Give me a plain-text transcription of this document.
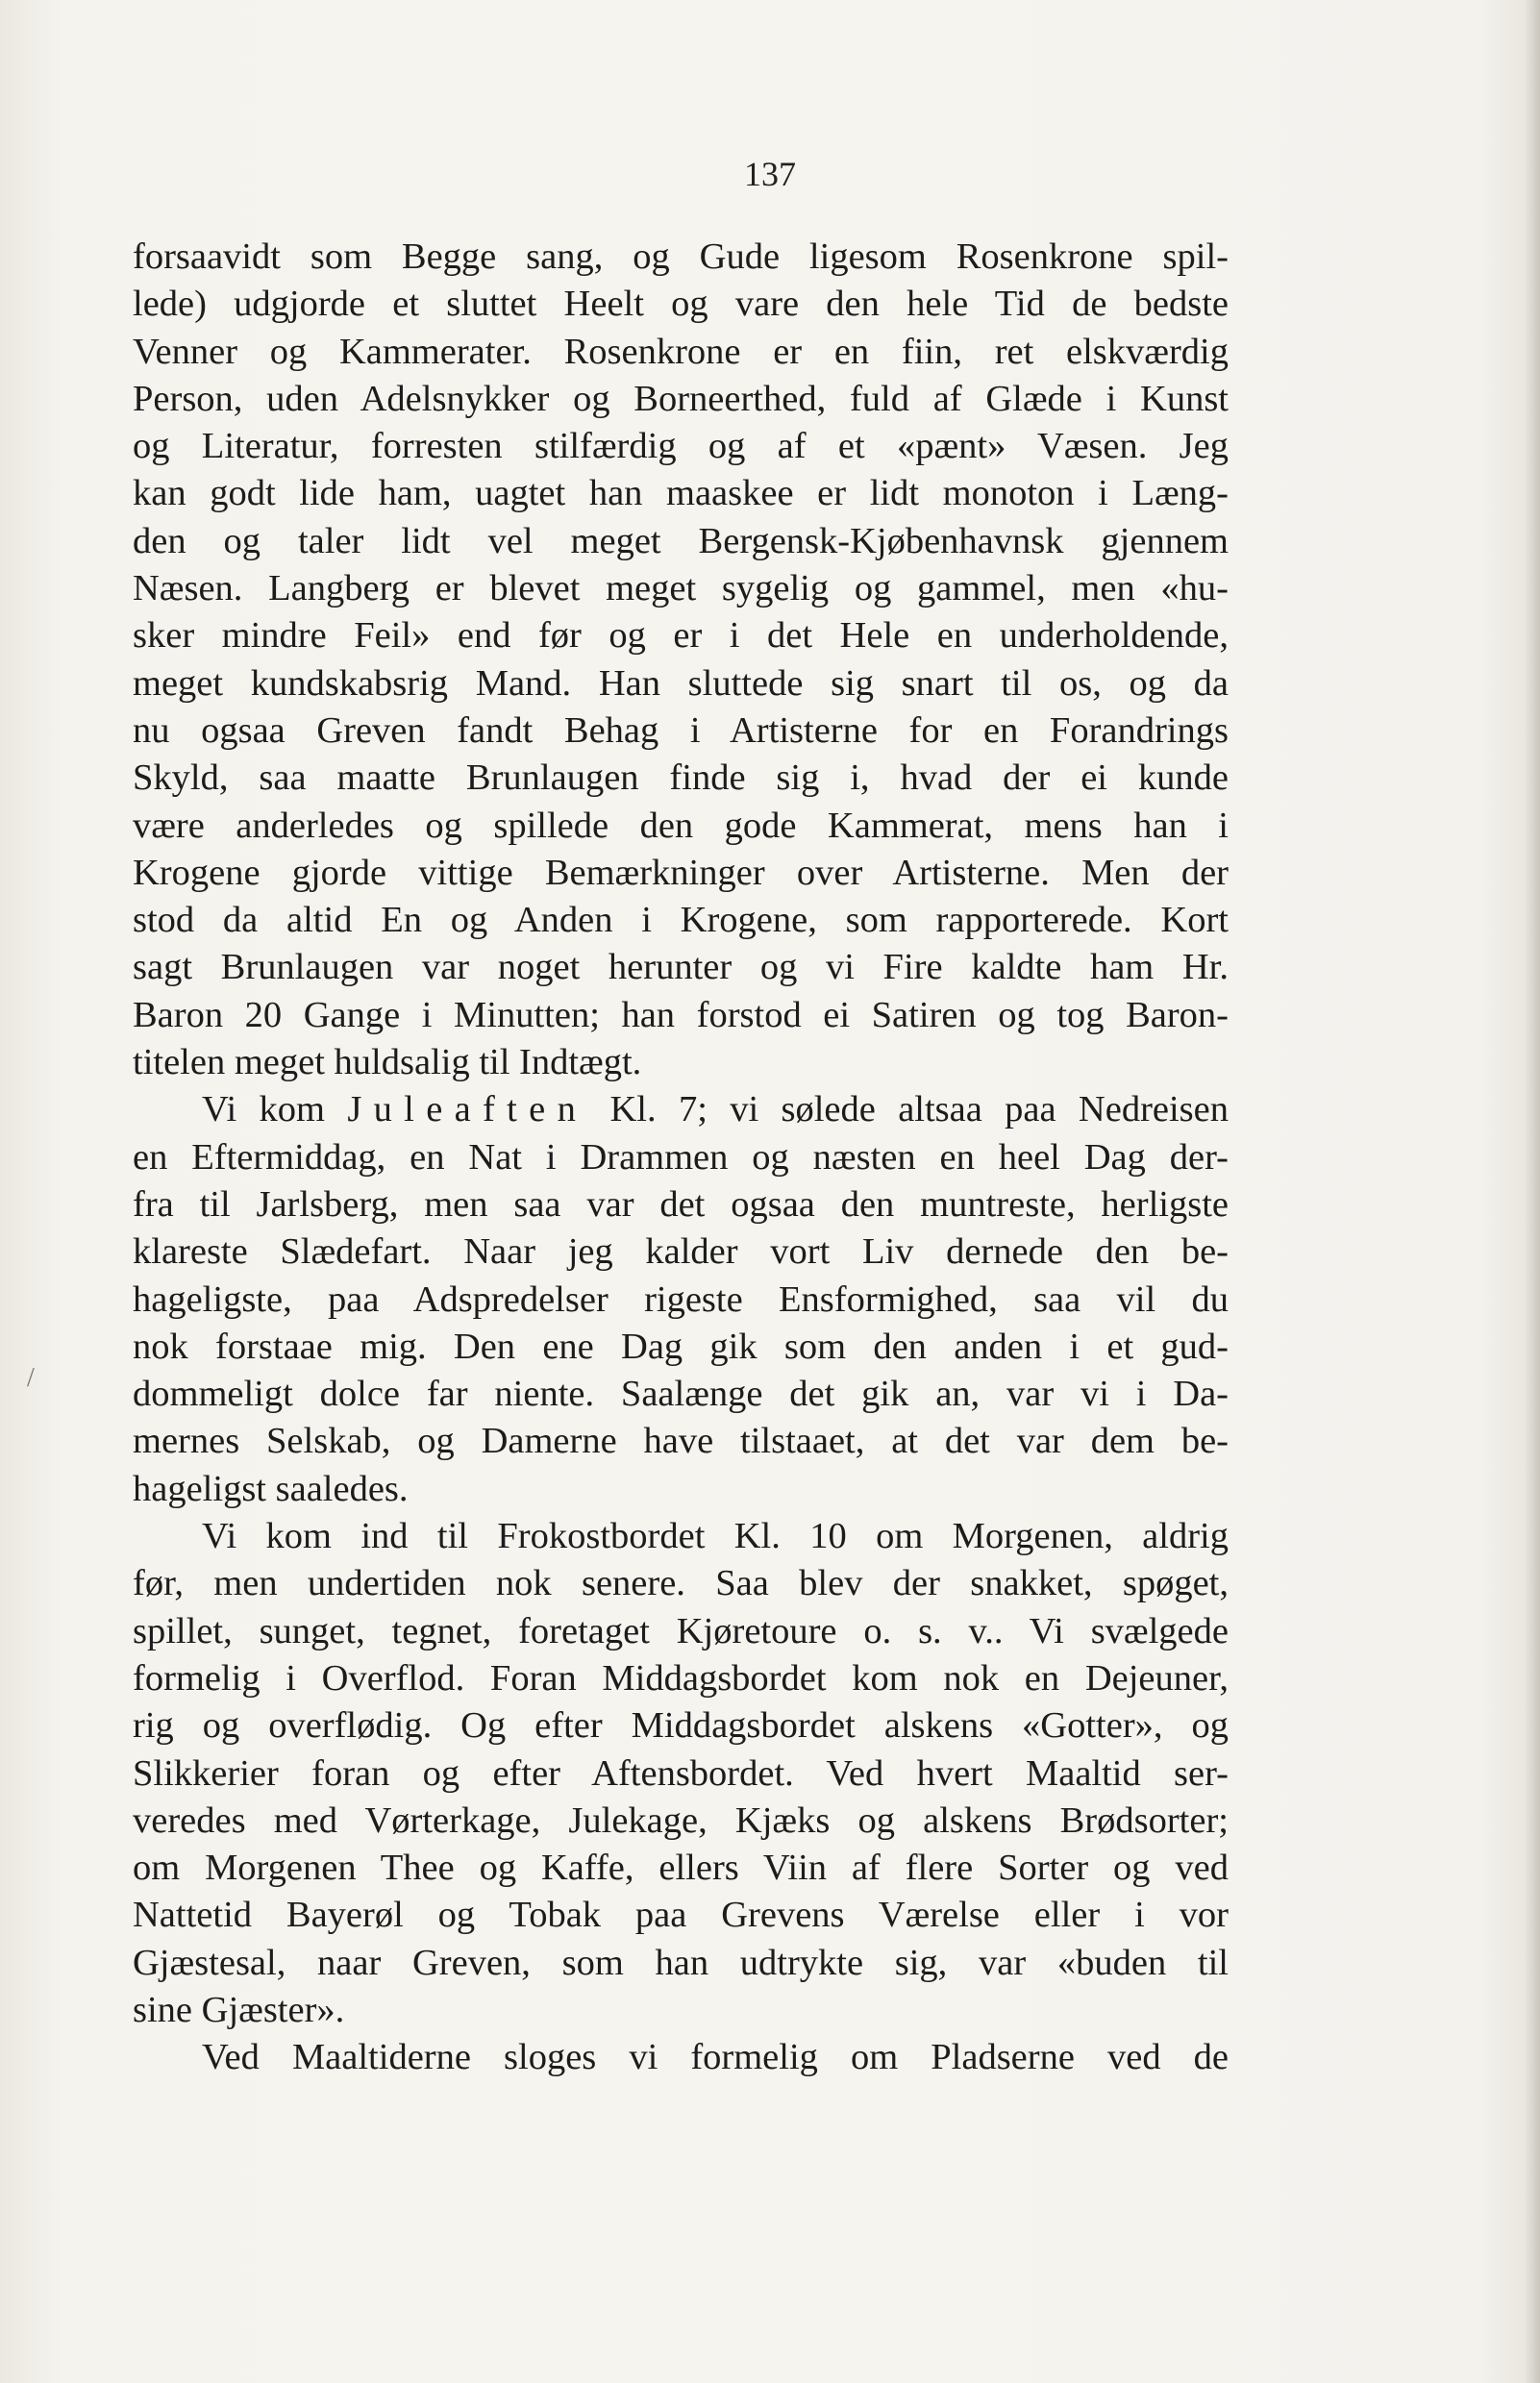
137
/
forsaavidt som Begge sang, og Gude ligesom Rosenkrone spil-
lede) udgjorde et sluttet Heelt og vare den hele Tid de bedste
Venner og Kammerater. Rosenkrone er en fiin, ret elskværdig
Person, uden Adelsnykker og Borneerthed, fuld af Glæde i Kunst
og Literatur, forresten stilfærdig og af et «pænt» Væsen. Jeg
kan godt lide ham, uagtet han maaskee er lidt monoton i Læng-
den og taler lidt vel meget Bergensk-Kjøbenhavnsk gjennem
Næsen. Langberg er blevet meget sygelig og gammel, men «hu-
sker mindre Feil» end før og er i det Hele en underholdende,
meget kundskabsrig Mand. Han sluttede sig snart til os, og da
nu ogsaa Greven fandt Behag i Artisterne for en Forandrings
Skyld, saa maatte Brunlaugen finde sig i, hvad der ei kunde
være anderledes og spillede den gode Kammerat, mens han i
Krogene gjorde vittige Bemærkninger over Artisterne. Men der
stod da altid En og Anden i Krogene, som rapporterede. Kort
sagt Brunlaugen var noget herunter og vi Fire kaldte ham Hr.
Baron 20 Gange i Minutten; han forstod ei Satiren og tog Baron-
titelen meget huldsalig til Indtægt.
Vi kom Juleaften Kl. 7; vi sølede altsaa paa Nedreisen
en Eftermiddag, en Nat i Drammen og næsten en heel Dag der-
fra til Jarlsberg, men saa var det ogsaa den muntreste, herligste
klareste Slædefart. Naar jeg kalder vort Liv dernede den be-
hageligste, paa Adspredelser rigeste Ensformighed, saa vil du
nok forstaae mig. Den ene Dag gik som den anden i et gud-
dommeligt dolce far niente. Saalænge det gik an, var vi i Da-
mernes Selskab, og Damerne have tilstaaet, at det var dem be-
hageligst saaledes.
Vi kom ind til Frokostbordet Kl. 10 om Morgenen, aldrig
før, men undertiden nok senere. Saa blev der snakket, spøget,
spillet, sunget, tegnet, foretaget Kjøretoure o. s. v.. Vi svælgede
formelig i Overflod. Foran Middagsbordet kom nok en Dejeuner,
rig og overflødig. Og efter Middagsbordet alskens «Gotter», og
Slikkerier foran og efter Aftensbordet. Ved hvert Maaltid ser-
veredes med Vørterkage, Julekage, Kjæks og alskens Brødsorter;
om Morgenen Thee og Kaffe, ellers Viin af flere Sorter og ved
Nattetid Bayerøl og Tobak paa Grevens Værelse eller i vor
Gjæstesal, naar Greven, som han udtrykte sig, var «buden til
sine Gjæster».
Ved Maaltiderne sloges vi formelig om Pladserne ved de
